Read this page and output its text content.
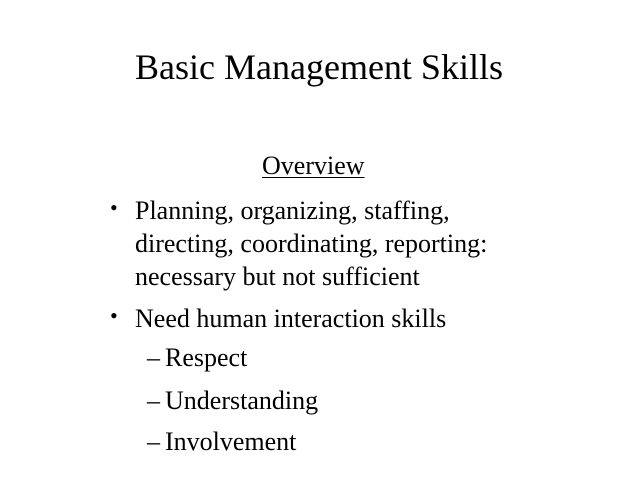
Basic Management Skills
Overview
• Planning, organizing, staffing,
directing, coordinating, reporting:
necessary but not sufficient
• Need human interaction skills
– Respect
– Understanding
– Involvement
